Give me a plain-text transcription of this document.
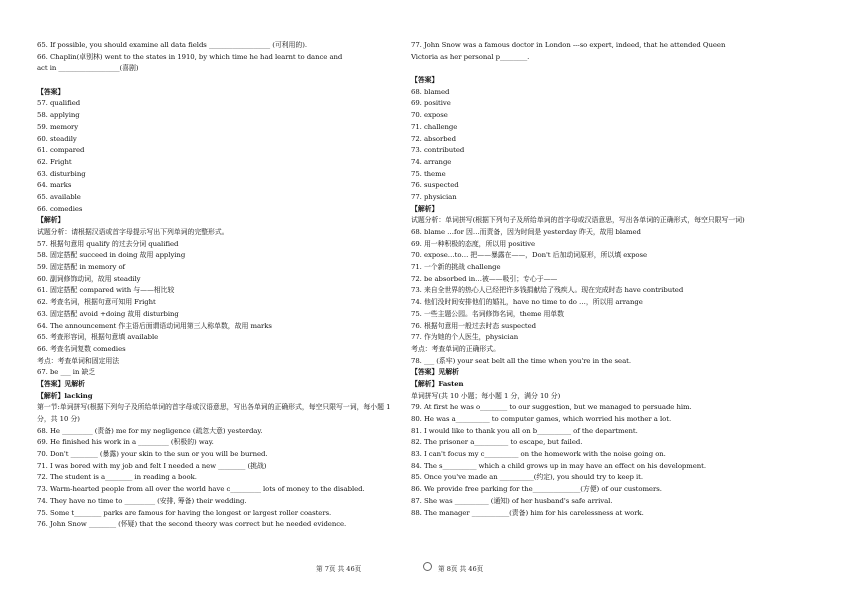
65. If possible, you should examine all data fields __________________ (可利用的).
66. Chaplin(卓别林) went to the states in 1910, by which time he had learnt to dance and
act in __________________(喜剧)

【答案】
57. qualified
58. applying
59. memory
60. steadily
61. compared
62. Fright
63. disturbing
64. marks
65. available
66. comedies
【解析】
试题分析：请根据汉语或首字母提示写出下列单词的完整形式。
57. 根据句意用 qualify 的过去分词 qualified
58. 固定搭配 succeed in doing 故用 applying
59. 固定搭配 in memory of
60. 副词修饰动词，故用 steadily
61. 固定搭配 compared with 与——相比较
62. 考查名词，根据句意可知用 Fright
63. 固定搭配 avoid +doing 故用 disturbing
64. The announcement 作主语后面谓语动词用第三人称单数，故用 marks
65. 考查形容词，根据句意填 available
66. 考查名词复数 comedies
考点：考查单词和固定用法
67. be ___ in 缺乏
【答案】见解析
【解析】lacking
第一节:单词拼写(根据下列句子及所给单词的首字母或汉语意思，写出各单词的正确形式，每空只限写一词，每小题 1 分，共 10 分)
68. He _________ (责备) me for my negligence (疏忽大意) yesterday.
69. He finished his work in a _________ (积极的) way.
70. Don't ________ (暴露) your skin to the sun or you will be burned.
71. I was bored with my job and felt I needed a new ________ (挑战)
72. The student is a________ in reading a book.
73. Warm-hearted people from all over the world have c_________ lots of money to the disabled.
74. They have no time to _________ (安排, 筹备) their wedding.
75. Some t________ parks are famous for having the longest or largest roller coasters.
76. John Snow ________ (怀疑) that the second theory was correct but he needed evidence.
77. John Snow was a famous doctor in London ---so expert, indeed, that he attended Queen
Victoria as her personal p________.

【答案】
68. blamed
69. positive
70. expose
71. challenge
72. absorbed
73. contributed
74. arrange
75. theme
76. suspected
77. physician
【解析】
试题分析：单词拼写(根据下列句子及所给单词的首字母或汉语意思，写出各单词的正确形式，每空只限写一词)
68. blame …for 因…而责备，因为时间是 yesterday 昨天，故用 blamed
69. 用一种积极的态度，所以用 positive
70. expose…to… 把——暴露在——，Don't 后加动词原形，所以填 expose
71. 一个新的挑战 challenge
72. be absorbed in…被——吸引；专心于——
73. 来自全世界的热心人已经把许多钱捐献给了残疾人。现在完成时态 have contributed
74. 他们没时间安排他们的婚礼，have no time to do …，所以用 arrange
75. 一些主题公园。名词修饰名词，theme 用单数
76. 根据句意用一般过去时态 suspected
77. 作为她的个人医生，physician
考点：考查单词的正确形式。
78. ___ (系牢) your seat belt all the time when you're in the seat.
【答案】见解析
【解析】Fasten
单词拼写(共 10 小题；每小题 1 分，满分 10 分)
79. At first he was o________ to our suggestion, but we managed to persuade him.
80. He was a__________ to computer games, which worried his mother a lot.
81. I would like to thank you all on b__________ of the department.
82. The prisoner a__________ to escape, but failed.
83. I can't focus my c__________ on the homework with the noise going on.
84. The s__________ which a child grows up in may have an effect on his development.
85. Once you've made an __________(约定), you should try to keep it.
86. We provide free parking for the______________(方便) of our customers.
87. She was __________ (通知) of her husband's safe arrival.
88. The manager ___________(责备) him for his carelessness at work.
第 7页 共 46页	第 8页 共 46页
